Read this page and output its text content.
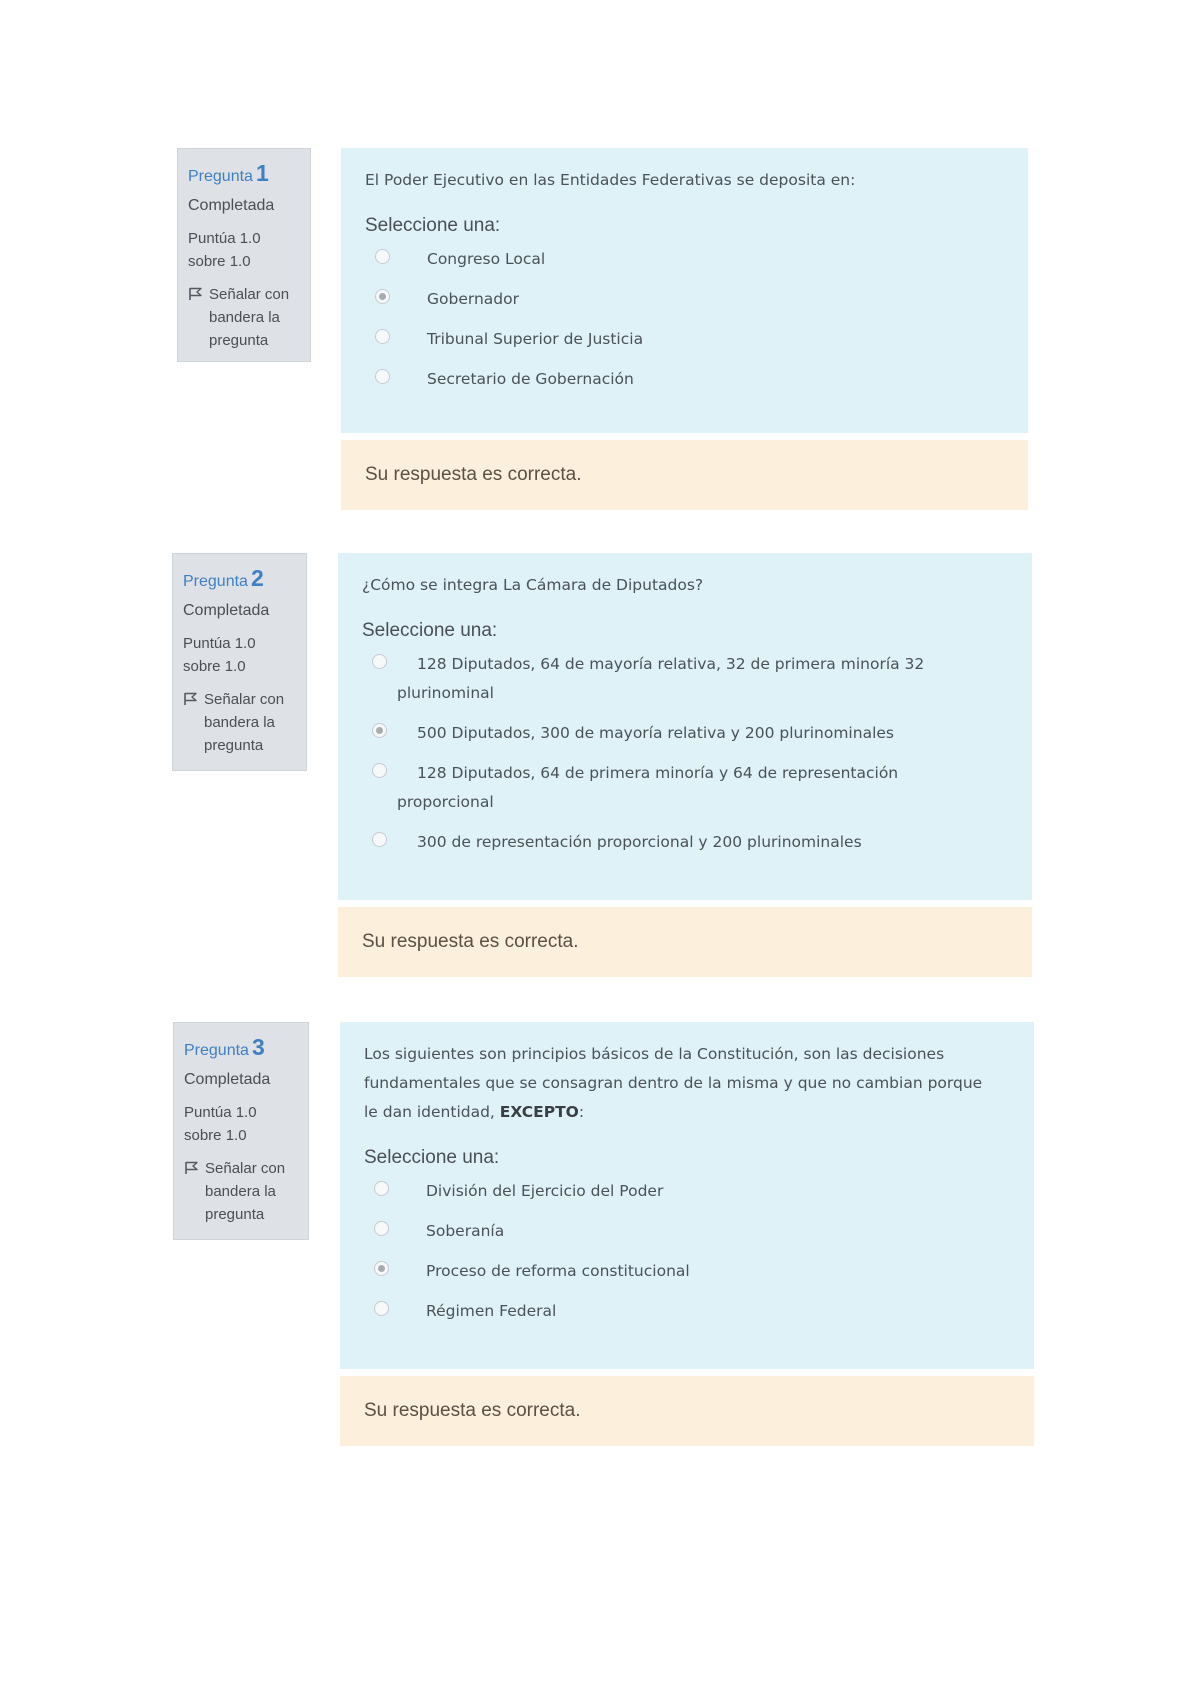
Pregunta 1
Completada
Puntúa 1.0 sobre 1.0
Señalar con bandera la pregunta
El Poder Ejecutivo en las Entidades Federativas se deposita en:
Seleccione una:
Congreso Local
Gobernador
Tribunal Superior de Justicia
Secretario de Gobernación
Su respuesta es correcta.
Pregunta 2
Completada
Puntúa 1.0 sobre 1.0
Señalar con bandera la pregunta
¿Cómo se integra La Cámara de Diputados?
Seleccione una:
128 Diputados, 64 de mayoría relativa, 32 de primera minoría 32
plurinominal
500 Diputados, 300 de mayoría relativa y 200 plurinominales
128 Diputados, 64 de primera minoría y 64 de representación
proporcional
300 de representación proporcional y 200 plurinominales
Su respuesta es correcta.
Pregunta 3
Completada
Puntúa 1.0 sobre 1.0
Señalar con bandera la pregunta
Los siguientes son principios básicos de la Constitución, son las decisiones fundamentales que se consagran dentro de la misma y que no cambian porque le dan identidad, EXCEPTO:
Seleccione una:
División del Ejercicio del Poder
Soberanía
Proceso de reforma constitucional
Régimen Federal
Su respuesta es correcta.
